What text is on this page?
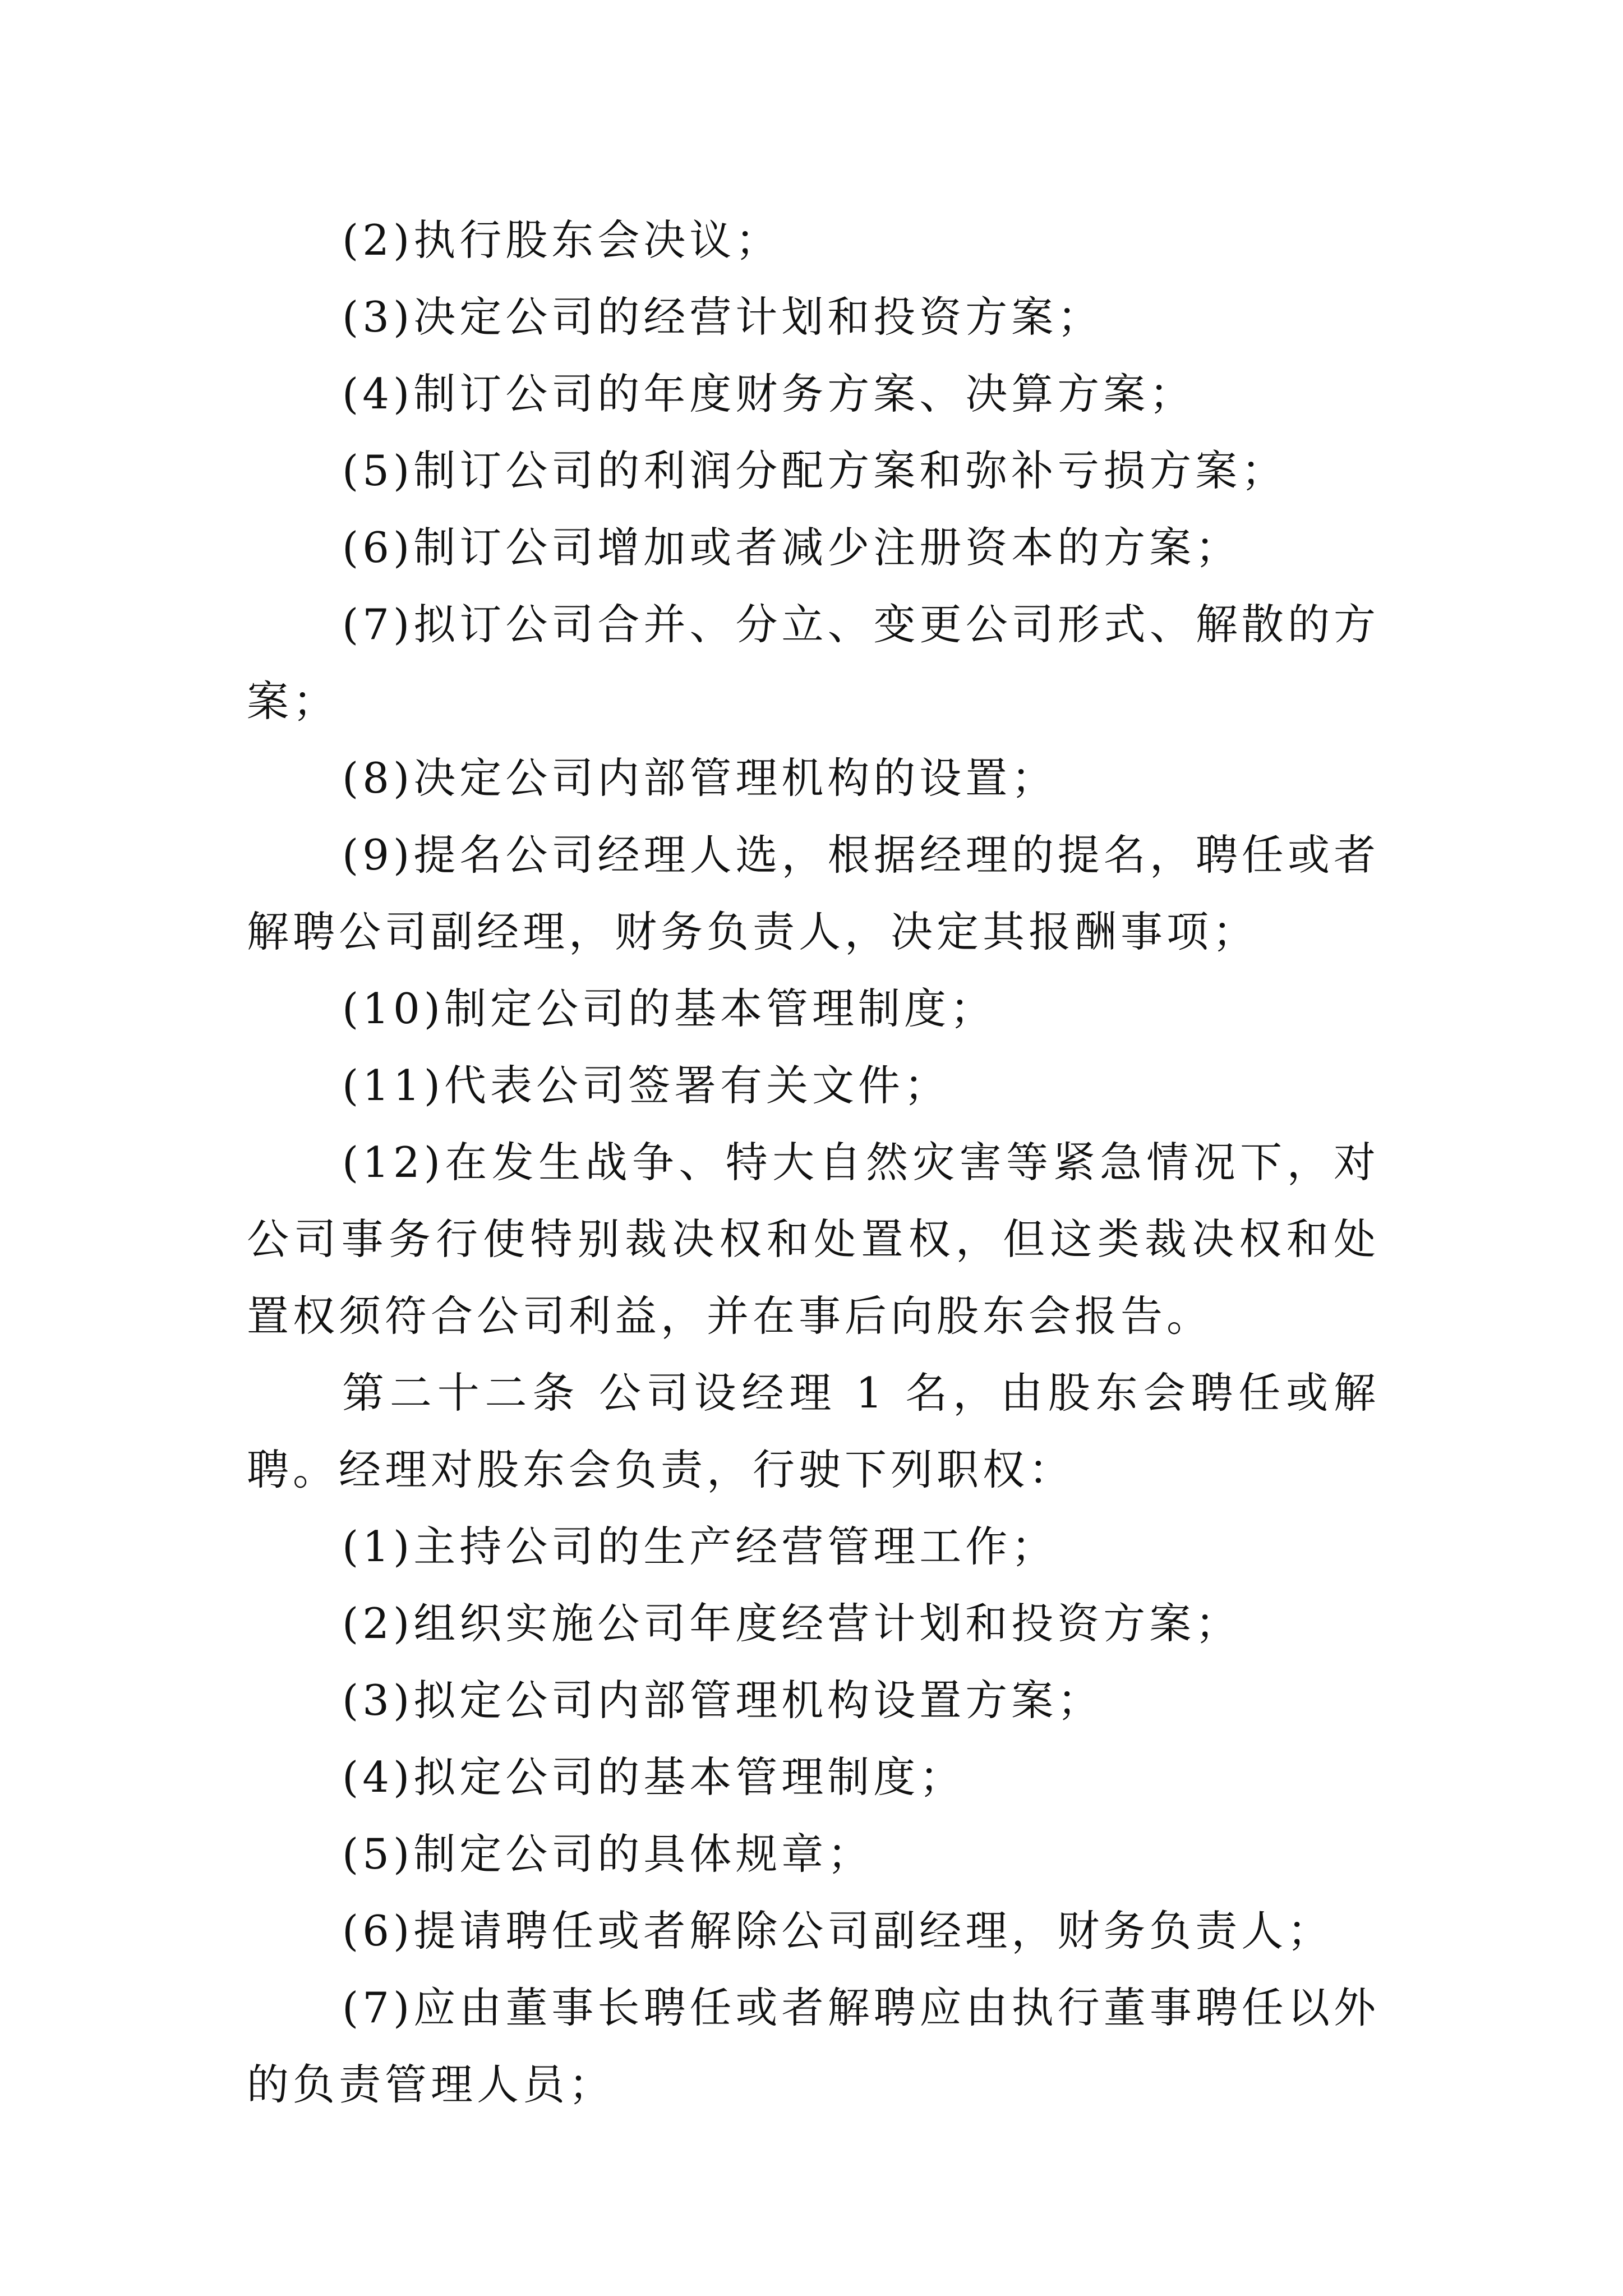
(2)执行股东会决议；

(3)决定公司的经营计划和投资方案；

(4)制订公司的年度财务方案、决算方案；

(5)制订公司的利润分配方案和弥补亏损方案；

(6)制订公司增加或者减少注册资本的方案；

(7)拟订公司合并、分立、变更公司形式、解散的方案；

(8)决定公司内部管理机构的设置；

(9)提名公司经理人选，根据经理的提名，聘任或者解聘公司副经理，财务负责人，决定其报酬事项；

(10)制定公司的基本管理制度；

(11)代表公司签署有关文件；

(12)在发生战争、特大自然灾害等紧急情况下，对公司事务行使特别裁决权和处置权，但这类裁决权和处置权须符合公司利益，并在事后向股东会报告。

第二十二条 公司设经理 1 名，由股东会聘任或解聘。经理对股东会负责，行驶下列职权：

(1)主持公司的生产经营管理工作；

(2)组织实施公司年度经营计划和投资方案；

(3)拟定公司内部管理机构设置方案；

(4)拟定公司的基本管理制度；

(5)制定公司的具体规章；

(6)提请聘任或者解除公司副经理，财务负责人；

(7)应由董事长聘任或者解聘应由执行董事聘任以外的负责管理人员；
